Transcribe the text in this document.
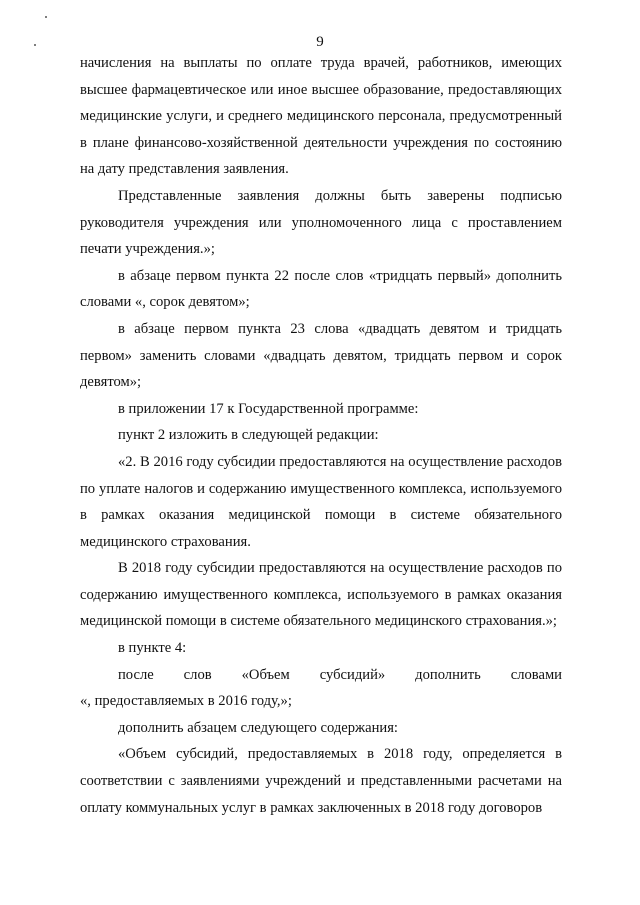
9

начисления на выплаты по оплате труда врачей, работников, имеющих высшее фармацевтическое или иное высшее образование, предоставляющих медицинские услуги, и среднего медицинского персонала, предусмотренный в плане финансово-хозяйственной деятельности учреждения по состоянию на дату представления заявления.

Представленные заявления должны быть заверены подписью руководителя учреждения или уполномоченного лица с проставлением печати учреждения.»;

в абзаце первом пункта 22 после слов «тридцать первый» дополнить словами «, сорок девятом»;

в абзаце первом пункта 23 слова «двадцать девятом и тридцать первом» заменить словами «двадцать девятом, тридцать первом и сорок девятом»;

в приложении 17 к Государственной программе:

пункт 2 изложить в следующей редакции:

«2. В 2016 году субсидии предоставляются на осуществление расходов по уплате налогов и содержанию имущественного комплекса, используемого в рамках оказания медицинской помощи в системе обязательного медицинского страхования.

В 2018 году субсидии предоставляются на осуществление расходов по содержанию имущественного комплекса, используемого в рамках оказания медицинской помощи в системе обязательного медицинского страхования.»;

в пункте 4:

после слов «Объем субсидий» дополнить словами

«, предоставляемых в 2016 году,»;

дополнить абзацем следующего содержания:

«Объем субсидий, предоставляемых в 2018 году, определяется в соответствии с заявлениями учреждений и представленными расчетами на оплату коммунальных услуг в рамках заключенных в 2018 году договоров
